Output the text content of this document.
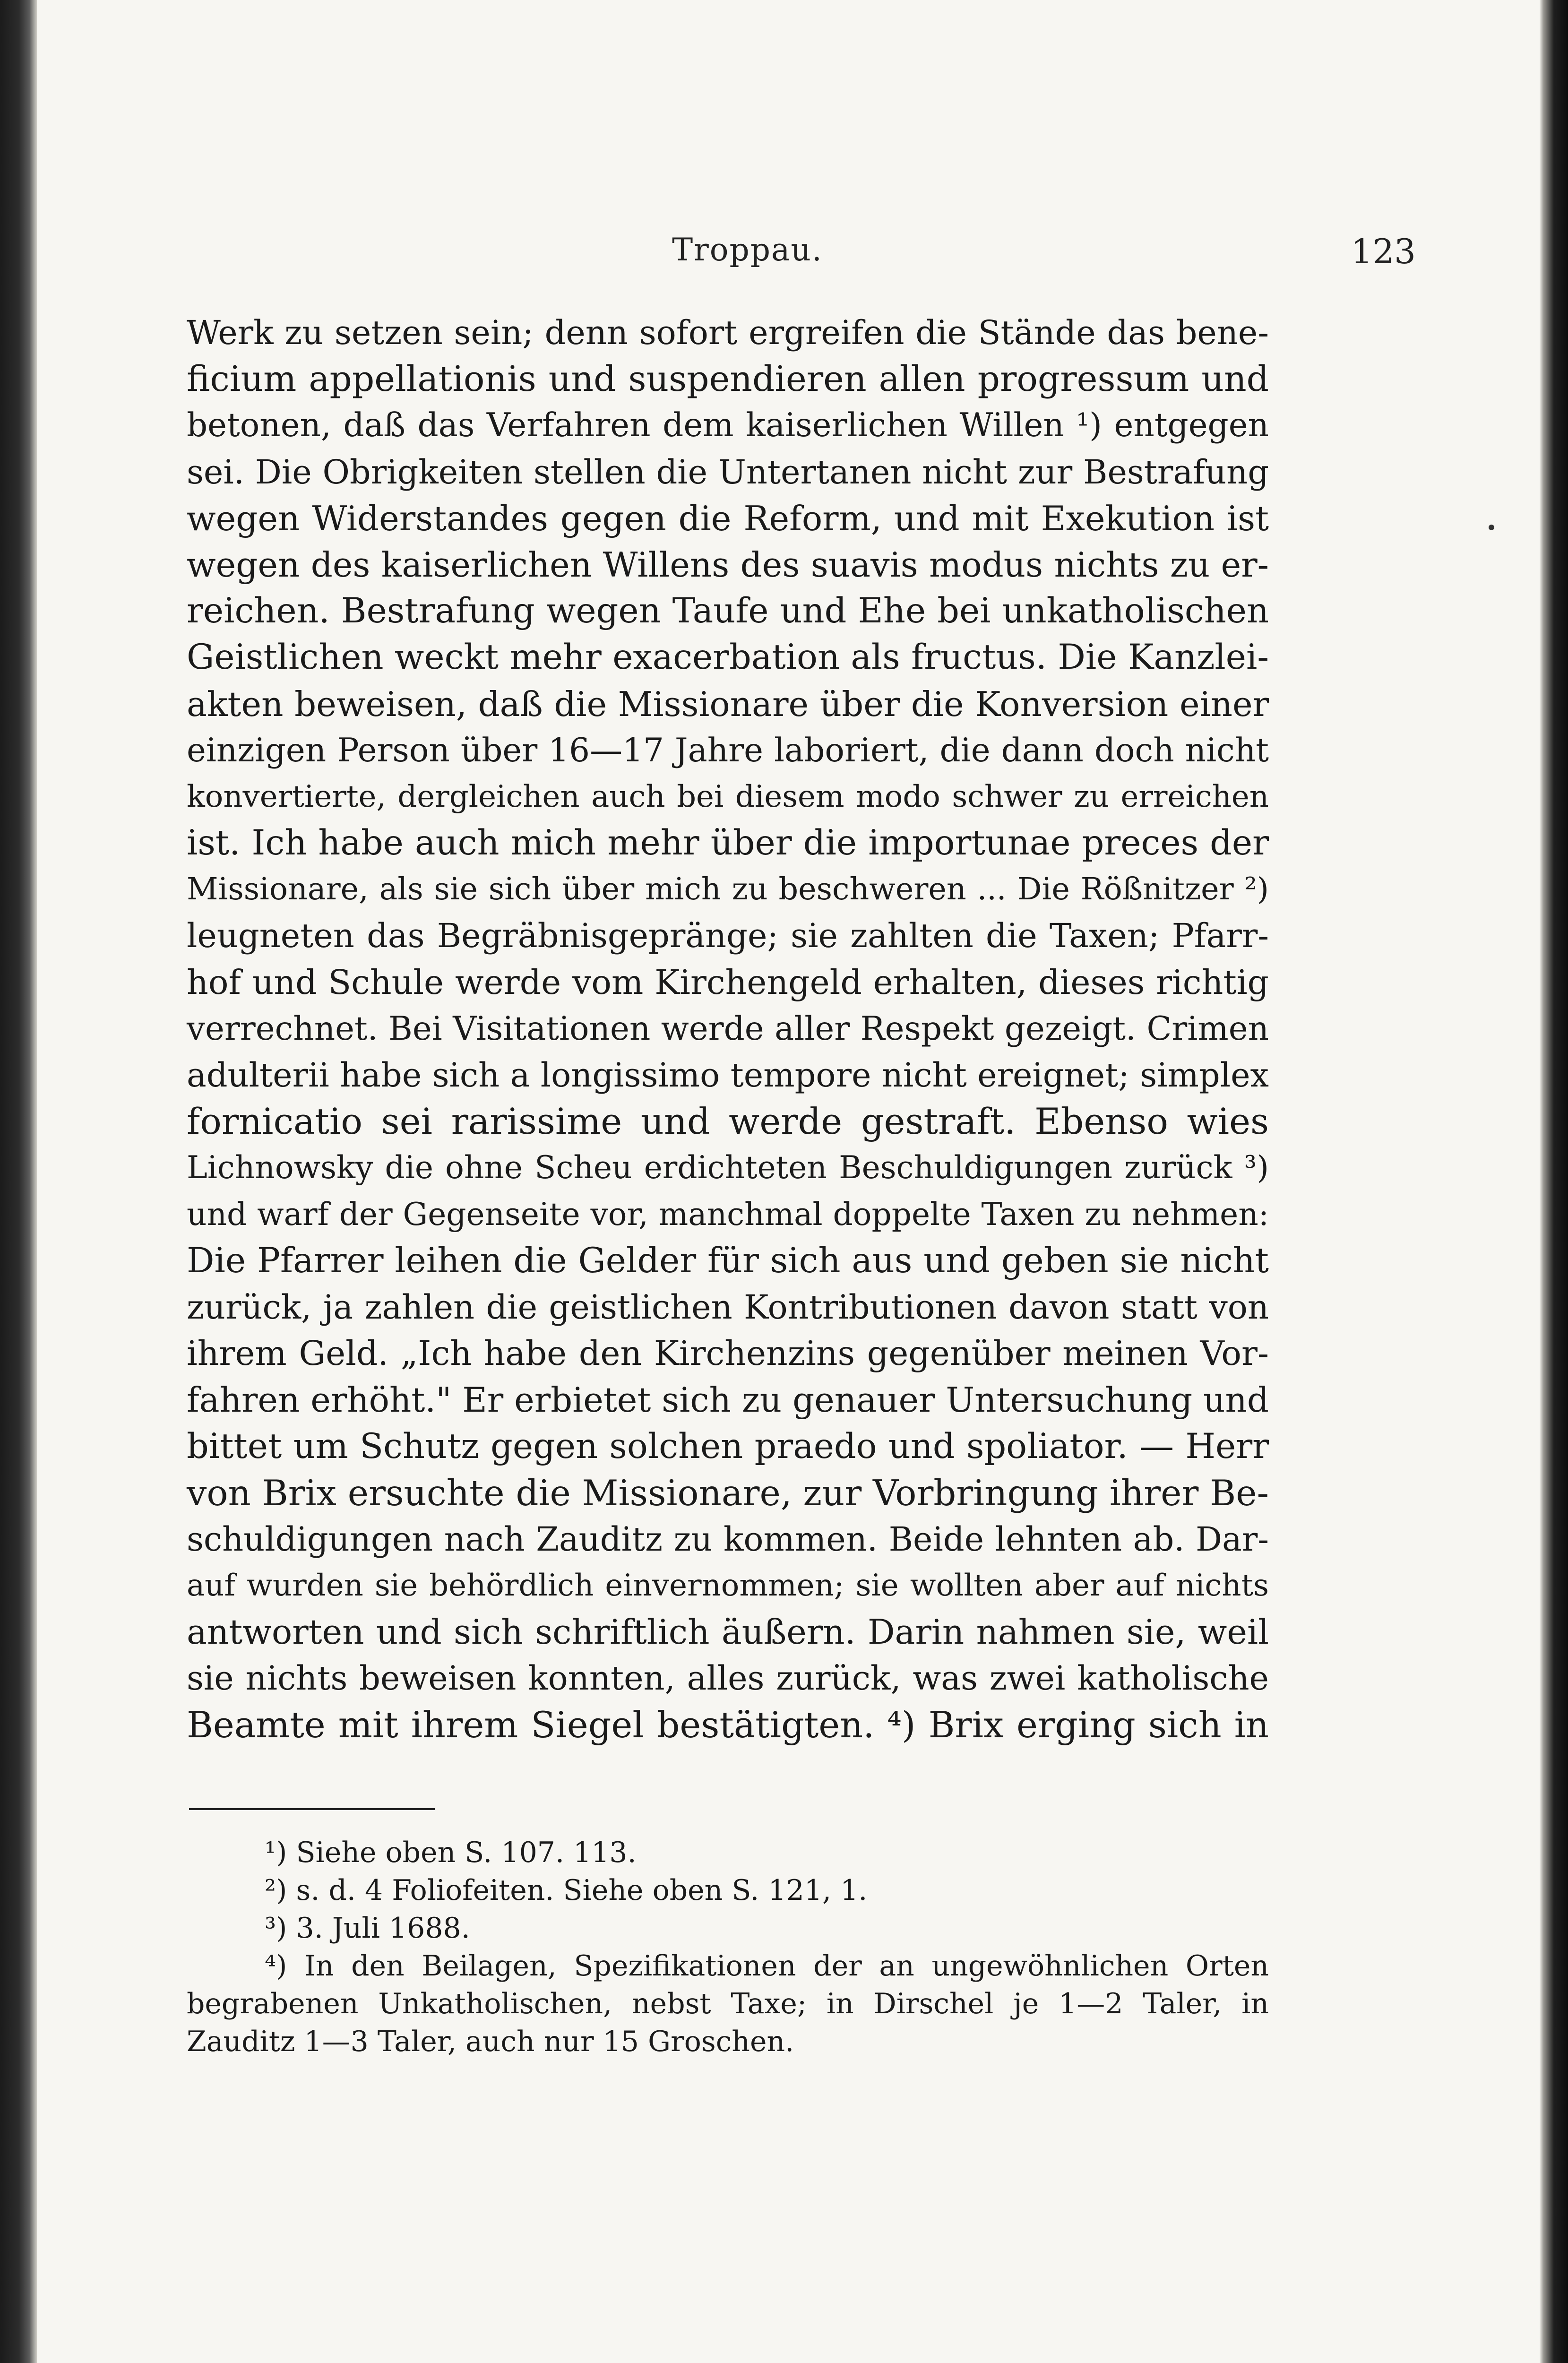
Troppau.	123
Werk zu setzen sein; denn sofort ergreifen die Stände das bene-
ficium appellationis und suspendieren allen progressum und
betonen, daß das Verfahren dem kaiserlichen Willen ¹) entgegen
sei. Die Obrigkeiten stellen die Untertanen nicht zur Bestrafung
wegen Widerstandes gegen die Reform, und mit Exekution ist
wegen des kaiserlichen Willens des suavis modus nichts zu er-
reichen. Bestrafung wegen Taufe und Ehe bei unkatholischen
Geistlichen weckt mehr exacerbation als fructus. Die Kanzlei-
akten beweisen, daß die Missionare über die Konversion einer
einzigen Person über 16—17 Jahre laboriert, die dann doch nicht
konvertierte, dergleichen auch bei diesem modo schwer zu erreichen
ist. Ich habe auch mich mehr über die importunae preces der
Missionare, als sie sich über mich zu beschweren ... Die Rößnitzer ²)
leugneten das Begräbnisgepränge; sie zahlten die Taxen; Pfarr-
hof und Schule werde vom Kirchengeld erhalten, dieses richtig
verrechnet. Bei Visitationen werde aller Respekt gezeigt. Crimen
adulterii habe sich a longissimo tempore nicht ereignet; simplex
fornicatio sei rarissime und werde gestraft. Ebenso wies
Lichnowsky die ohne Scheu erdichteten Beschuldigungen zurück ³)
und warf der Gegenseite vor, manchmal doppelte Taxen zu nehmen:
Die Pfarrer leihen die Gelder für sich aus und geben sie nicht
zurück, ja zahlen die geistlichen Kontributionen davon statt von
ihrem Geld. „Ich habe den Kirchenzins gegenüber meinen Vor-
fahren erhöht." Er erbietet sich zu genauer Untersuchung und
bittet um Schutz gegen solchen praedo und spoliator. — Herr
von Brix ersuchte die Missionare, zur Vorbringung ihrer Be-
schuldigungen nach Zauditz zu kommen. Beide lehnten ab. Dar-
auf wurden sie behördlich einvernommen; sie wollten aber auf nichts
antworten und sich schriftlich äußern. Darin nahmen sie, weil
sie nichts beweisen konnten, alles zurück, was zwei katholische
Beamte mit ihrem Siegel bestätigten. ⁴) Brix erging sich in
¹) Siehe oben S. 107. 113.
²) s. d. 4 Foliofeiten. Siehe oben S. 121, 1.
³) 3. Juli 1688.
⁴) In den Beilagen, Spezifikationen der an ungewöhnlichen Orten
begrabenen Unkatholischen, nebst Taxe; in Dirschel je 1—2 Taler, in
Zauditz 1—3 Taler, auch nur 15 Groschen.
